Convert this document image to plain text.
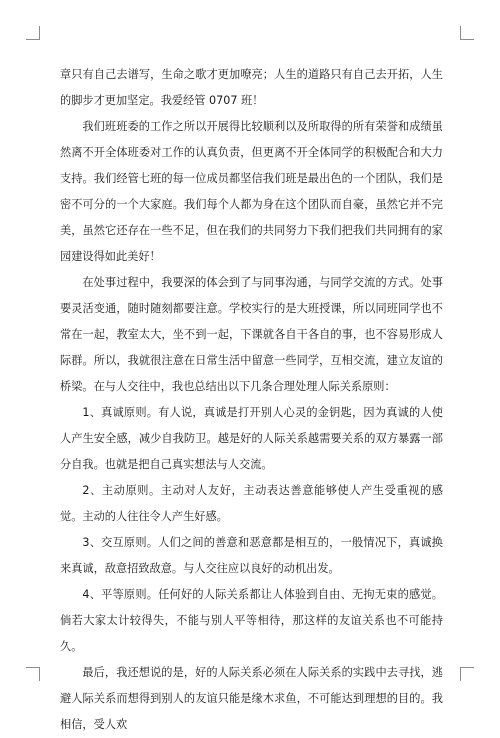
章只有自己去谱写，生命之歌才更加嘹亮；人生的道路只有自己去开拓，人生的脚步才更加坚定。我爱经管 0707 班！

我们班班委的工作之所以开展得比较顺利以及所取得的所有荣誉和成绩虽然离不开全体班委对工作的认真负责，但更离不开全体同学的积极配合和大力支持。我们经管七班的每一位成员都坚信我们班是最出色的一个团队，我们是密不可分的一个大家庭。我们每个人都为身在这个团队而自豪，虽然它并不完美，虽然它还存在一些不足，但在我们的共同努力下我们把我们共同拥有的家园建设得如此美好！

在处事过程中，我要深的体会到了与同事沟通，与同学交流的方式。处事要灵活变通，随时随刻都要注意。学校实行的是大班授课，所以同班同学也不常在一起，教室太大，坐不到一起，下课就各自干各自的事，也不容易形成人际群。所以，我就很注意在日常生活中留意一些同学，互相交流，建立友谊的桥梁。在与人交往中，我也总结出以下几条合理处理人际关系原则：

1、真诚原则。有人说，真诚是打开别人心灵的金钥匙，因为真诚的人使人产生安全感，减少自我防卫。越是好的人际关系越需要关系的双方暴露一部分自我。也就是把自己真实想法与人交流。

2、主动原则。主动对人友好，主动表达善意能够使人产生受重视的感觉。主动的人往往令人产生好感。

3、交互原则。人们之间的善意和恶意都是相互的，一般情况下，真诚换来真诚，敌意招致敌意。与人交往应以良好的动机出发。

4、平等原则。任何好的人际关系都让人体验到自由、无拘无束的感觉。倘若大家太计较得失，不能与别人平等相待，那这样的友谊关系也不可能持久。

最后，我还想说的是，好的人际关系必须在人际关系的实践中去寻找，逃避人际关系而想得到别人的友谊只能是缘木求鱼，不可能达到理想的目的。我相信，受人欢
